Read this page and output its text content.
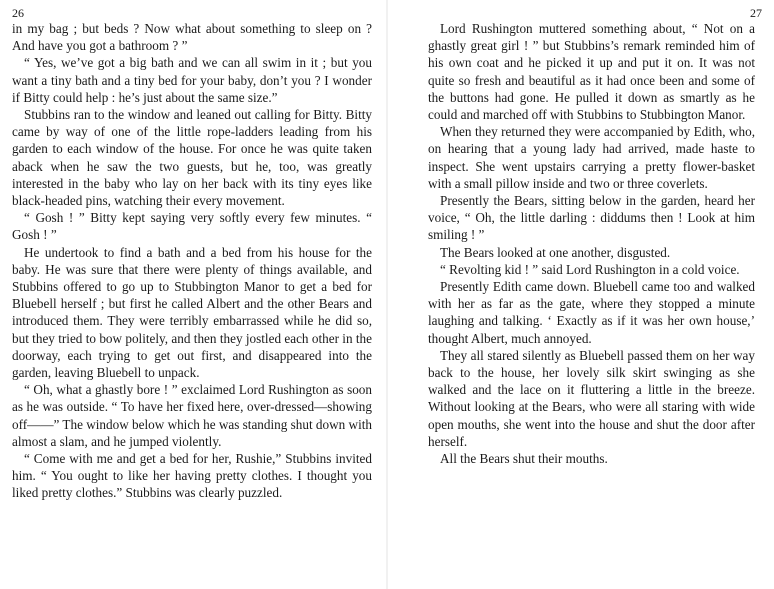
26

in my bag ; but beds ? Now what about something to sleep on ? And have you got a bathroom ? ”

“ Yes, we’ve got a big bath and we can all swim in it ; but you want a tiny bath and a tiny bed for your baby, don’t you ? I wonder if Bitty could help : he’s just about the same size.”

Stubbins ran to the window and leaned out calling for Bitty. Bitty came by way of one of the little rope-ladders leading from his garden to each window of the house. For once he was quite taken aback when he saw the two guests, but he, too, was greatly interested in the baby who lay on her back with its tiny eyes like black-headed pins, watching their every movement.

“ Gosh ! ” Bitty kept saying very softly every few minutes. “ Gosh ! ”

He undertook to find a bath and a bed from his house for the baby. He was sure that there were plenty of things available, and Stubbins offered to go up to Stubbington Manor to get a bed for Bluebell herself ; but first he called Albert and the other Bears and introduced them. They were terribly embarrassed while he did so, but they tried to bow politely, and then they jostled each other in the doorway, each trying to get out first, and disappeared into the garden, leaving Bluebell to unpack.

“ Oh, what a ghastly bore ! ” exclaimed Lord Rushington as soon as he was outside. “ To have her fixed here, over-dressed—showing off——” The window below which he was standing shut down with almost a slam, and he jumped violently.

“ Come with me and get a bed for her, Rushie,” Stubbins invited him. “ You ought to like her having pretty clothes. I thought you liked pretty clothes.” Stubbins was clearly puzzled.

27

Lord Rushington muttered something about, “ Not on a ghastly great girl ! ” but Stubbins’s remark reminded him of his own coat and he picked it up and put it on. It was not quite so fresh and beautiful as it had once been and some of the buttons had gone. He pulled it down as smartly as he could and marched off with Stubbins to Stubbington Manor.

When they returned they were accompanied by Edith, who, on hearing that a young lady had arrived, made haste to inspect. She went upstairs carrying a pretty flower-basket with a small pillow inside and two or three coverlets.

Presently the Bears, sitting below in the garden, heard her voice, “ Oh, the little darling : diddums then ! Look at him smiling ! ”

The Bears looked at one another, disgusted.

“ Revolting kid ! ” said Lord Rushington in a cold voice.

Presently Edith came down. Bluebell came too and walked with her as far as the gate, where they stopped a minute laughing and talking. ‘ Exactly as if it was her own house,’ thought Albert, much annoyed.

They all stared silently as Bluebell passed them on her way back to the house, her lovely silk skirt swinging as she walked and the lace on it fluttering a little in the breeze. Without looking at the Bears, who were all staring with wide open mouths, she went into the house and shut the door after herself.

All the Bears shut their mouths.
